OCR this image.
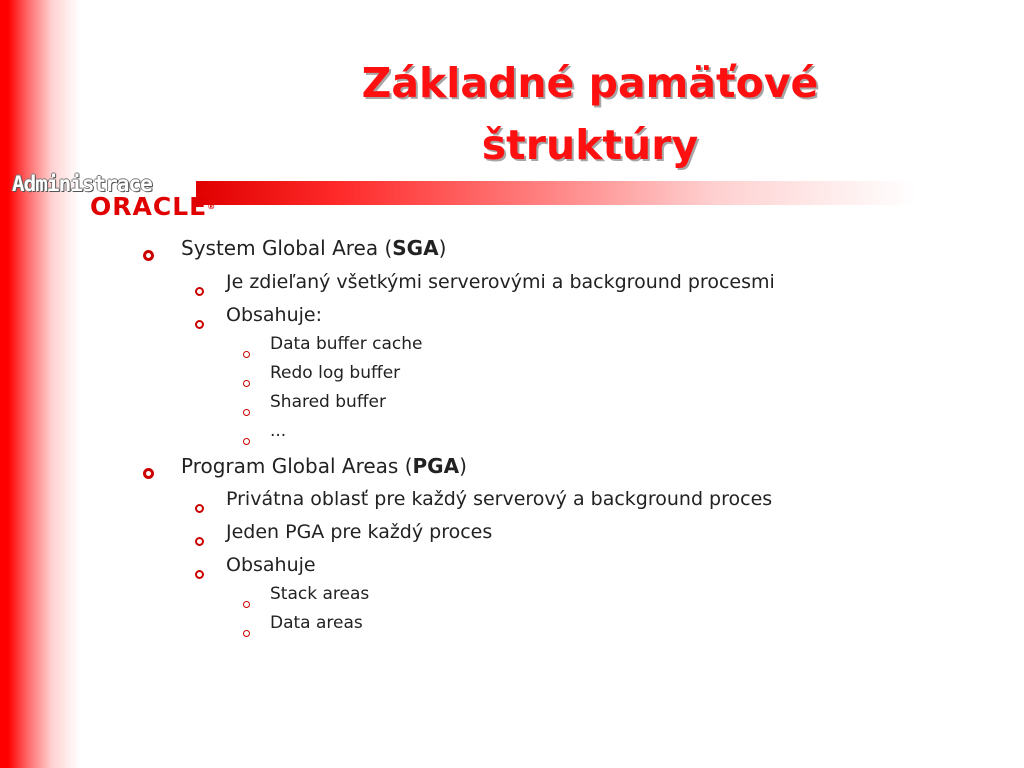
Základné pamäťové
štruktúry
Administrace
ORACLE®
System Global Area (SGA)
Je zdieľaný všetkými serverovými a background procesmi
Obsahuje:
Data buffer cache
Redo log buffer
Shared buffer
...
Program Global Areas (PGA)
Privátna oblasť pre každý serverový a background proces
Jeden PGA pre každý proces
Obsahuje
Stack areas
Data areas
